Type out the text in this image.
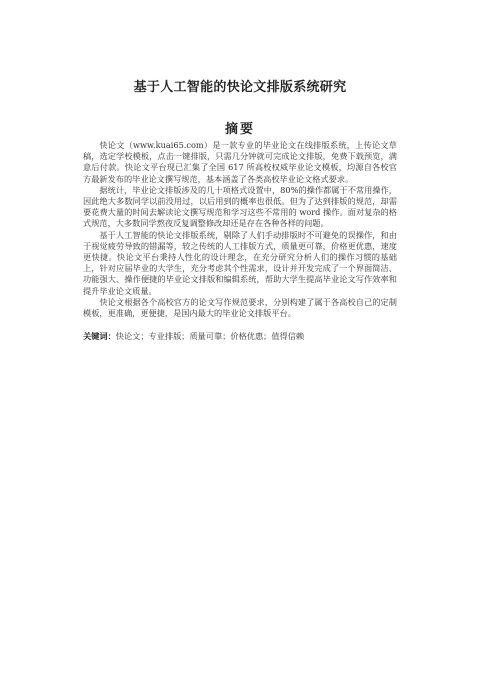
基于人工智能的快论文排版系统研究
摘要

快论文（www.kuai65.com）是一款专业的毕业论文在线排版系统，上传论文草稿，选定学校模板，点击一键排版，只需几分钟就可完成论文排版，免费下载预览，满意后付款。快论文平台现已汇集了全国 617 所高校权威毕业论文模板，均源自各校官方最新发布的毕业论文撰写规范，基本涵盖了各类高校毕业论文格式要求。

据统计，毕业论文排版涉及的几十项格式设置中，80%的操作都属于不常用操作，因此绝大多数同学以前没用过，以后用到的概率也很低。但为了达到排版的规范，却需要花费大量的时间去解读论文撰写规范和学习这些不常用的 word 操作。面对复杂的格式规范，大多数同学熬夜反复调整修改却还是存在各种各样的问题。

基于人工智能的快论文排版系统，剔除了人们手动排版时不可避免的误操作，和由于视觉疲劳导致的错漏等，较之传统的人工排版方式，质量更可靠，价格更优惠，速度更快捷。快论文平台秉持人性化的设计理念，在充分研究分析人们的操作习惯的基础上，针对应届毕业的大学生，充分考虑其个性需求，设计并开发完成了一个界面简洁、功能强大、操作便捷的毕业论文排版和编辑系统，帮助大学生提高毕业论文写作效率和提升毕业论文质量。

快论文根据各个高校官方的论文写作规范要求，分别构建了属于各高校自己的定制模板，更准确，更便捷，是国内最大的毕业论文排版平台。

关键词：快论文；专业排版；质量可靠；价格优惠；值得信赖
